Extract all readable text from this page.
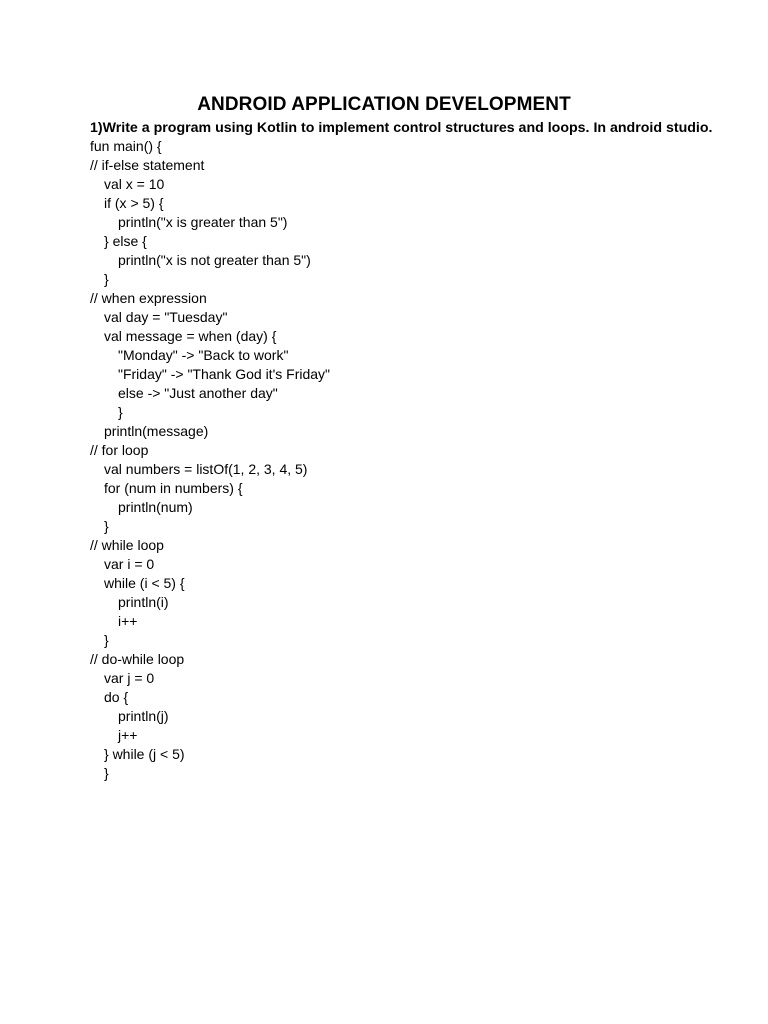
ANDROID APPLICATION DEVELOPMENT

1)Write a program using Kotlin to implement control structures and loops. In android studio.

fun main() {
// if-else statement
val x = 10
if (x > 5) {
println("x is greater than 5")
} else {
println("x is not greater than 5")
}
// when expression
val day = "Tuesday"
val message = when (day) {
"Monday" -> "Back to work"
"Friday" -> "Thank God it's Friday"
else -> "Just another day"
}
println(message)
// for loop
val numbers = listOf(1, 2, 3, 4, 5)
for (num in numbers) {
println(num)
}
// while loop
var i = 0
while (i < 5) {
println(i)
i++
}
// do-while loop
var j = 0
do {
println(j)
j++
} while (j < 5)
}
